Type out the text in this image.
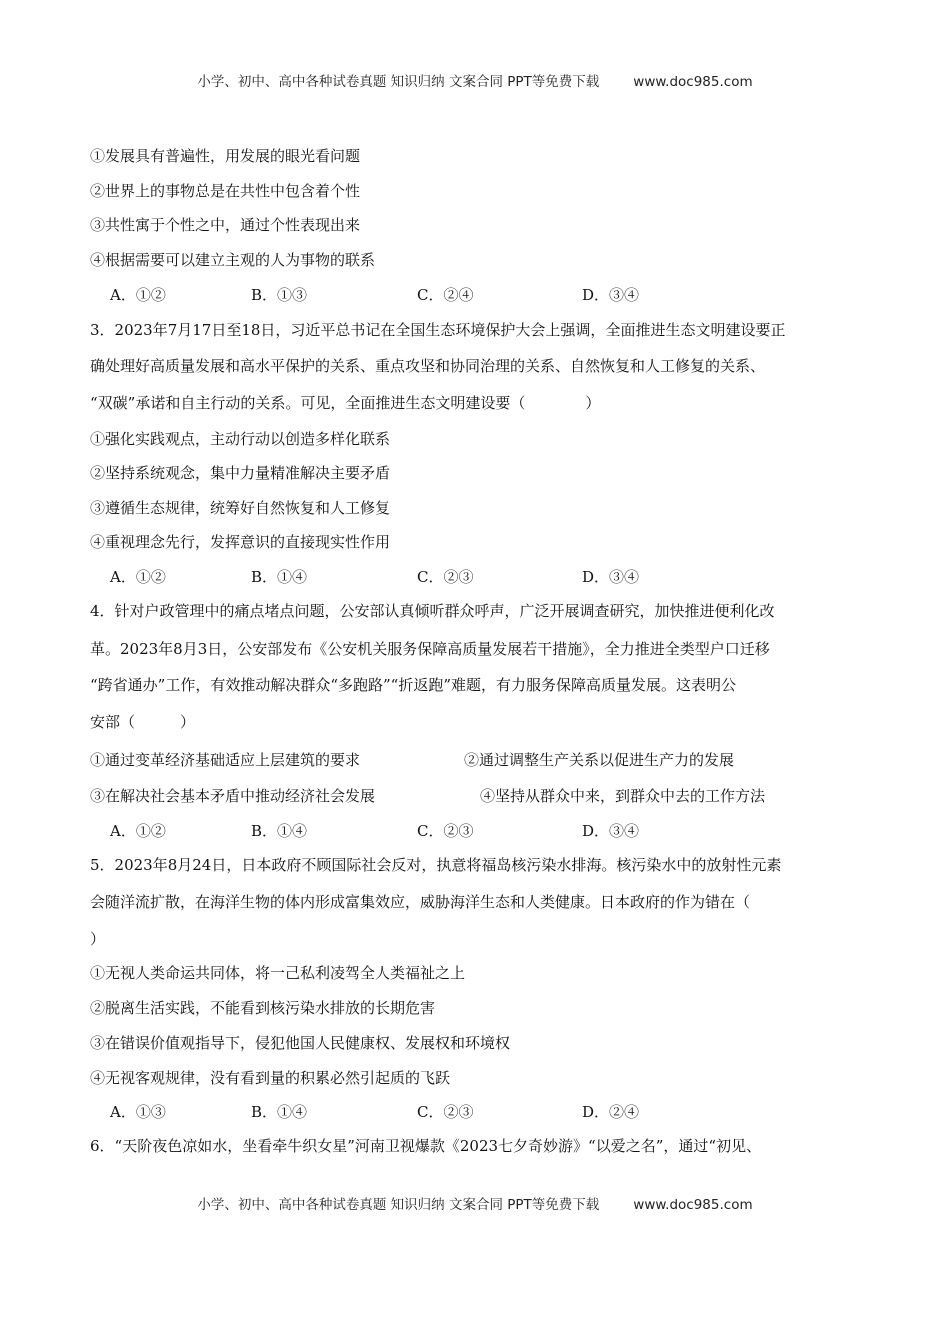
小学、初中、高中各种试卷真题 知识归纳 文案合同 PPT等免费下载	www.doc985.com
①发展具有普遍性，用发展的眼光看问题
②世界上的事物总是在共性中包含着个性
③共性寓于个性之中，通过个性表现出来
④根据需要可以建立主观的人为事物的联系
A．①②	B．①③	C．②④	D．③④
3．2023年7月17日至18日，习近平总书记在全国生态环境保护大会上强调，全面推进生态文明建设要正
确处理好高质量发展和高水平保护的关系、重点攻坚和协同治理的关系、自然恢复和人工修复的关系、
“双碳”承诺和自主行动的关系。可见，全面推进生态文明建设要（　　　　）
①强化实践观点，主动行动以创造多样化联系
②坚持系统观念，集中力量精准解决主要矛盾
③遵循生态规律，统筹好自然恢复和人工修复
④重视理念先行，发挥意识的直接现实性作用
A．①②	B．①④	C．②③	D．③④
4．针对户政管理中的痛点堵点问题，公安部认真倾听群众呼声，广泛开展调查研究，加快推进便利化改
革。2023年8月3日，公安部发布《公安机关服务保障高质量发展若干措施》，全力推进全类型户口迁移
“跨省通办”工作，有效推动解决群众“多跑路”“折返跑”难题，有力服务保障高质量发展。这表明公
安部（　　　）
①通过变革经济基础适应上层建筑的要求	②通过调整生产关系以促进生产力的发展
③在解决社会基本矛盾中推动经济社会发展	④坚持从群众中来，到群众中去的工作方法
A．①②	B．①④	C．②③	D．③④
5．2023年8月24日，日本政府不顾国际社会反对，执意将福岛核污染水排海。核污染水中的放射性元素
会随洋流扩散，在海洋生物的体内形成富集效应，威胁海洋生态和人类健康。日本政府的作为错在（
）
①无视人类命运共同体，将一己私利凌驾全人类福祉之上
②脱离生活实践，不能看到核污染水排放的长期危害
③在错误价值观指导下，侵犯他国人民健康权、发展权和环境权
④无视客观规律，没有看到量的积累必然引起质的飞跃
A．①③	B．①④	C．②③	D．②④
6．“天阶夜色凉如水，坐看牵牛织女星”河南卫视爆款《2023七夕奇妙游》“以爱之名”，通过“初见、
小学、初中、高中各种试卷真题 知识归纳 文案合同 PPT等免费下载	www.doc985.com
